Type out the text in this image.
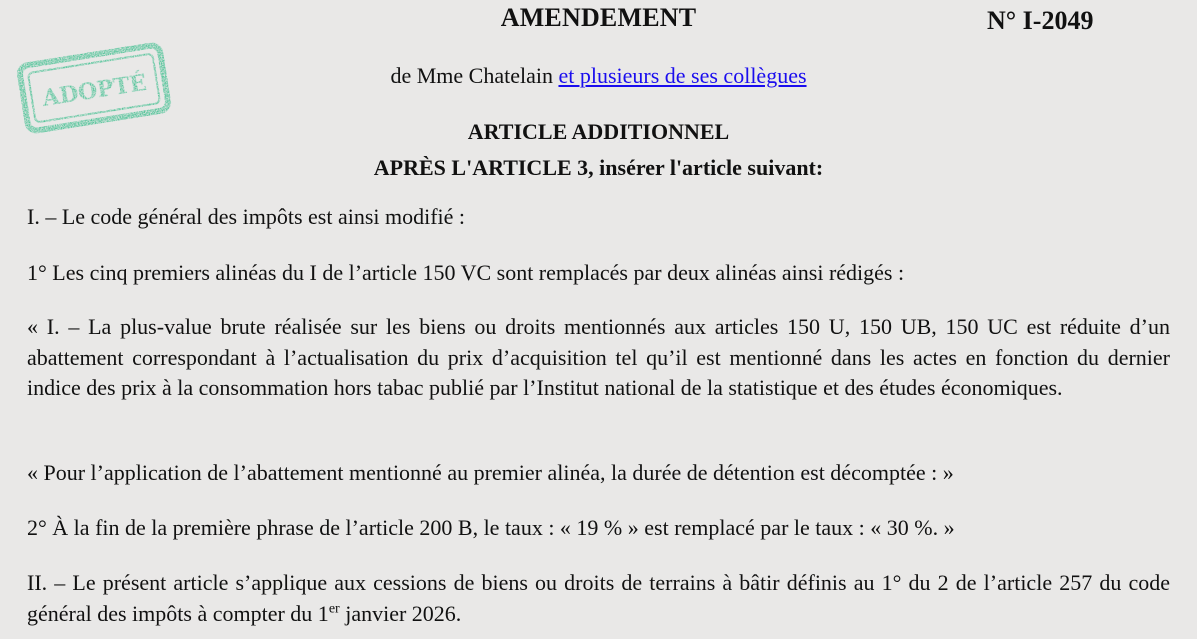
ADOPTÉ
AMENDEMENT	N° I-2049
de Mme Chatelain et plusieurs de ses collègues
ARTICLE ADDITIONNEL
APRÈS L'ARTICLE 3, insérer l'article suivant:
I. – Le code général des impôts est ainsi modifié :
1° Les cinq premiers alinéas du I de l’article 150 VC sont remplacés par deux alinéas ainsi rédigés :
« I. – La plus-value brute réalisée sur les biens ou droits mentionnés aux articles 150 U, 150 UB, 150 UC est réduite d’un abattement correspondant à l’actualisation du prix d’acquisition tel qu’il est mentionné dans les actes en fonction du dernier indice des prix à la consommation hors tabac publié par l’Institut national de la statistique et des études économiques.
« Pour l’application de l’abattement mentionné au premier alinéa, la durée de détention est décomptée : »
2° À la fin de la première phrase de l’article 200 B, le taux : « 19 % » est remplacé par le taux : « 30 %. »
II. – Le présent article s’applique aux cessions de biens ou droits de terrains à bâtir définis au 1° du 2 de l’article 257 du code général des impôts à compter du 1er janvier 2026.
